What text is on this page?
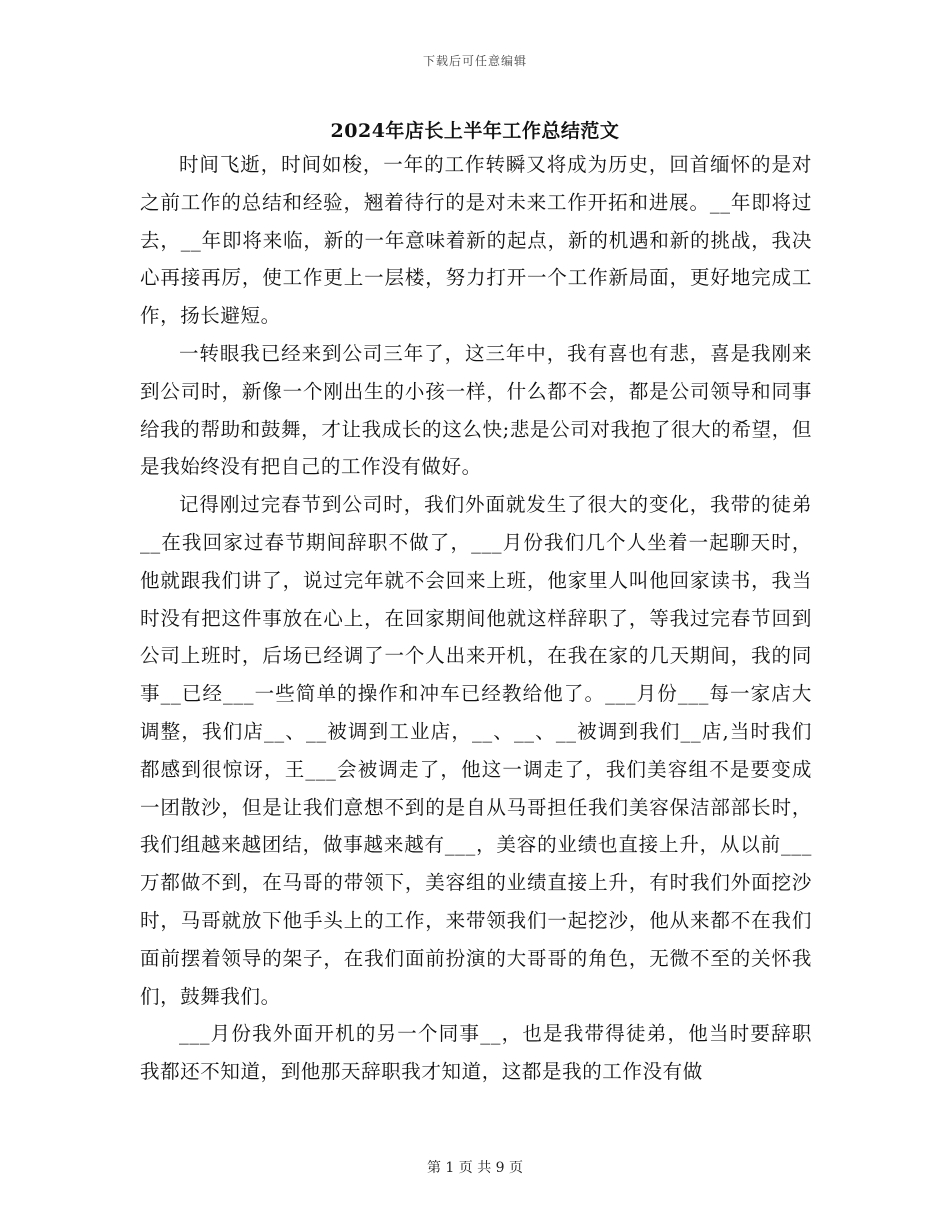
下载后可任意编辑
2024年店长上半年工作总结范文

时间飞逝，时间如梭，一年的工作转瞬又将成为历史，回首缅怀的是对之前工作的总结和经验，翘着待行的是对未来工作开拓和进展。__年即将过去，__年即将来临，新的一年意味着新的起点，新的机遇和新的挑战，我决心再接再厉，使工作更上一层楼，努力打开一个工作新局面，更好地完成工作，扬长避短。

一转眼我已经来到公司三年了，这三年中，我有喜也有悲，喜是我刚来到公司时，新像一个刚出生的小孩一样，什么都不会，都是公司领导和同事给我的帮助和鼓舞，才让我成长的这么快;悲是公司对我抱了很大的希望，但是我始终没有把自己的工作没有做好。

记得刚过完春节到公司时，我们外面就发生了很大的变化，我带的徒弟__在我回家过春节期间辞职不做了，___月份我们几个人坐着一起聊天时，他就跟我们讲了，说过完年就不会回来上班，他家里人叫他回家读书，我当时没有把这件事放在心上，在回家期间他就这样辞职了，等我过完春节回到公司上班时，后场已经调了一个人出来开机，在我在家的几天期间，我的同事__已经___一些简单的操作和冲车已经教给他了。___月份___每一家店大调整，我们店__、__被调到工业店，__、__、__被调到我们__店,当时我们都感到很惊讶，王___会被调走了，他这一调走了，我们美容组不是要变成一团散沙，但是让我们意想不到的是自从马哥担任我们美容保洁部部长时，我们组越来越团结，做事越来越有___，美容的业绩也直接上升，从以前___万都做不到，在马哥的带领下，美容组的业绩直接上升，有时我们外面挖沙时，马哥就放下他手头上的工作，来带领我们一起挖沙，他从来都不在我们面前摆着领导的架子，在我们面前扮演的大哥哥的角色，无微不至的关怀我们，鼓舞我们。

___月份我外面开机的另一个同事__，也是我带得徒弟，他当时要辞职我都还不知道，到他那天辞职我才知道，这都是我的工作没有做

第 1 页 共 9 页
